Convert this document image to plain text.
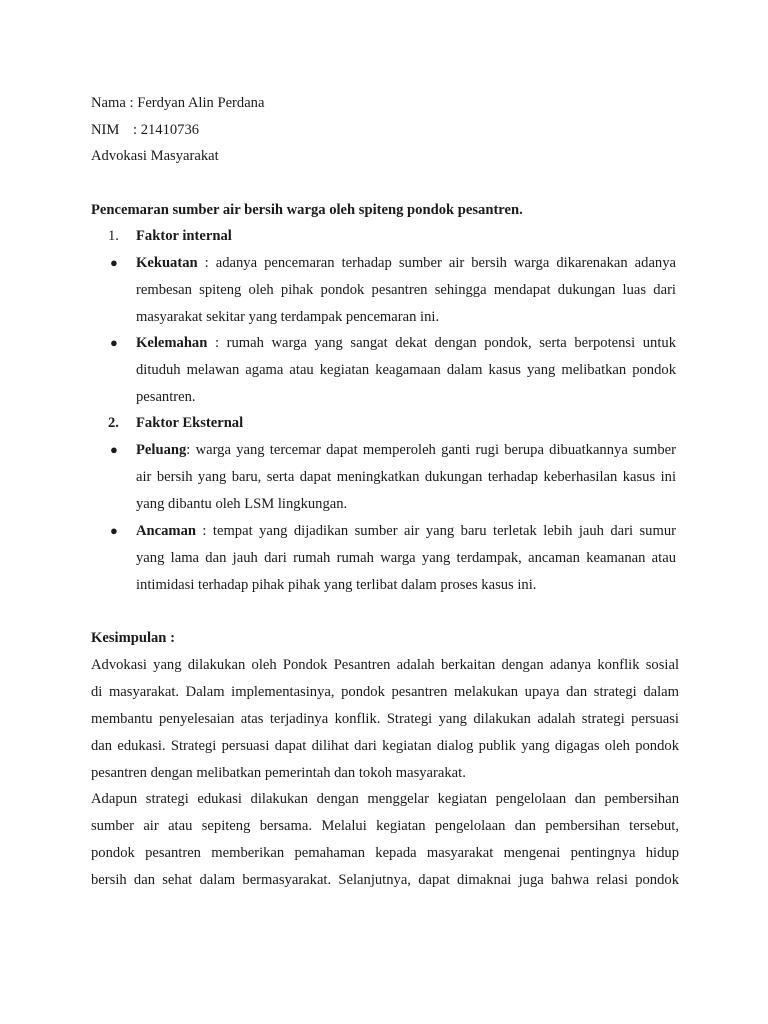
Nama : Ferdyan Alin Perdana
NIM : 21410736
Advokasi Masyarakat
Pencemaran sumber air bersih warga oleh spiteng pondok pesantren.
1. Faktor internal
● Kekuatan : adanya pencemaran terhadap sumber air bersih warga dikarenakan adanya
rembesan spiteng oleh pihak pondok pesantren sehingga mendapat dukungan luas dari
masyarakat sekitar yang terdampak pencemaran ini.
● Kelemahan : rumah warga yang sangat dekat dengan pondok, serta berpotensi untuk
dituduh melawan agama atau kegiatan keagamaan dalam kasus yang melibatkan pondok
pesantren.
2. Faktor Eksternal
● Peluang: warga yang tercemar dapat memperoleh ganti rugi berupa dibuatkannya sumber
air bersih yang baru, serta dapat meningkatkan dukungan terhadap keberhasilan kasus ini
yang dibantu oleh LSM lingkungan.
● Ancaman : tempat yang dijadikan sumber air yang baru terletak lebih jauh dari sumur
yang lama dan jauh dari rumah rumah warga yang terdampak, ancaman keamanan atau
intimidasi terhadap pihak pihak yang terlibat dalam proses kasus ini.
Kesimpulan :
Advokasi yang dilakukan oleh Pondok Pesantren adalah berkaitan dengan adanya konflik sosial
di masyarakat. Dalam implementasinya, pondok pesantren melakukan upaya dan strategi dalam
membantu penyelesaian atas terjadinya konflik. Strategi yang dilakukan adalah strategi persuasi
dan edukasi. Strategi persuasi dapat dilihat dari kegiatan dialog publik yang digagas oleh pondok
pesantren dengan melibatkan pemerintah dan tokoh masyarakat.
Adapun strategi edukasi dilakukan dengan menggelar kegiatan pengelolaan dan pembersihan
sumber air atau sepiteng bersama. Melalui kegiatan pengelolaan dan pembersihan tersebut,
pondok pesantren memberikan pemahaman kepada masyarakat mengenai pentingnya hidup
bersih dan sehat dalam bermasyarakat. Selanjutnya, dapat dimaknai juga bahwa relasi pondok
